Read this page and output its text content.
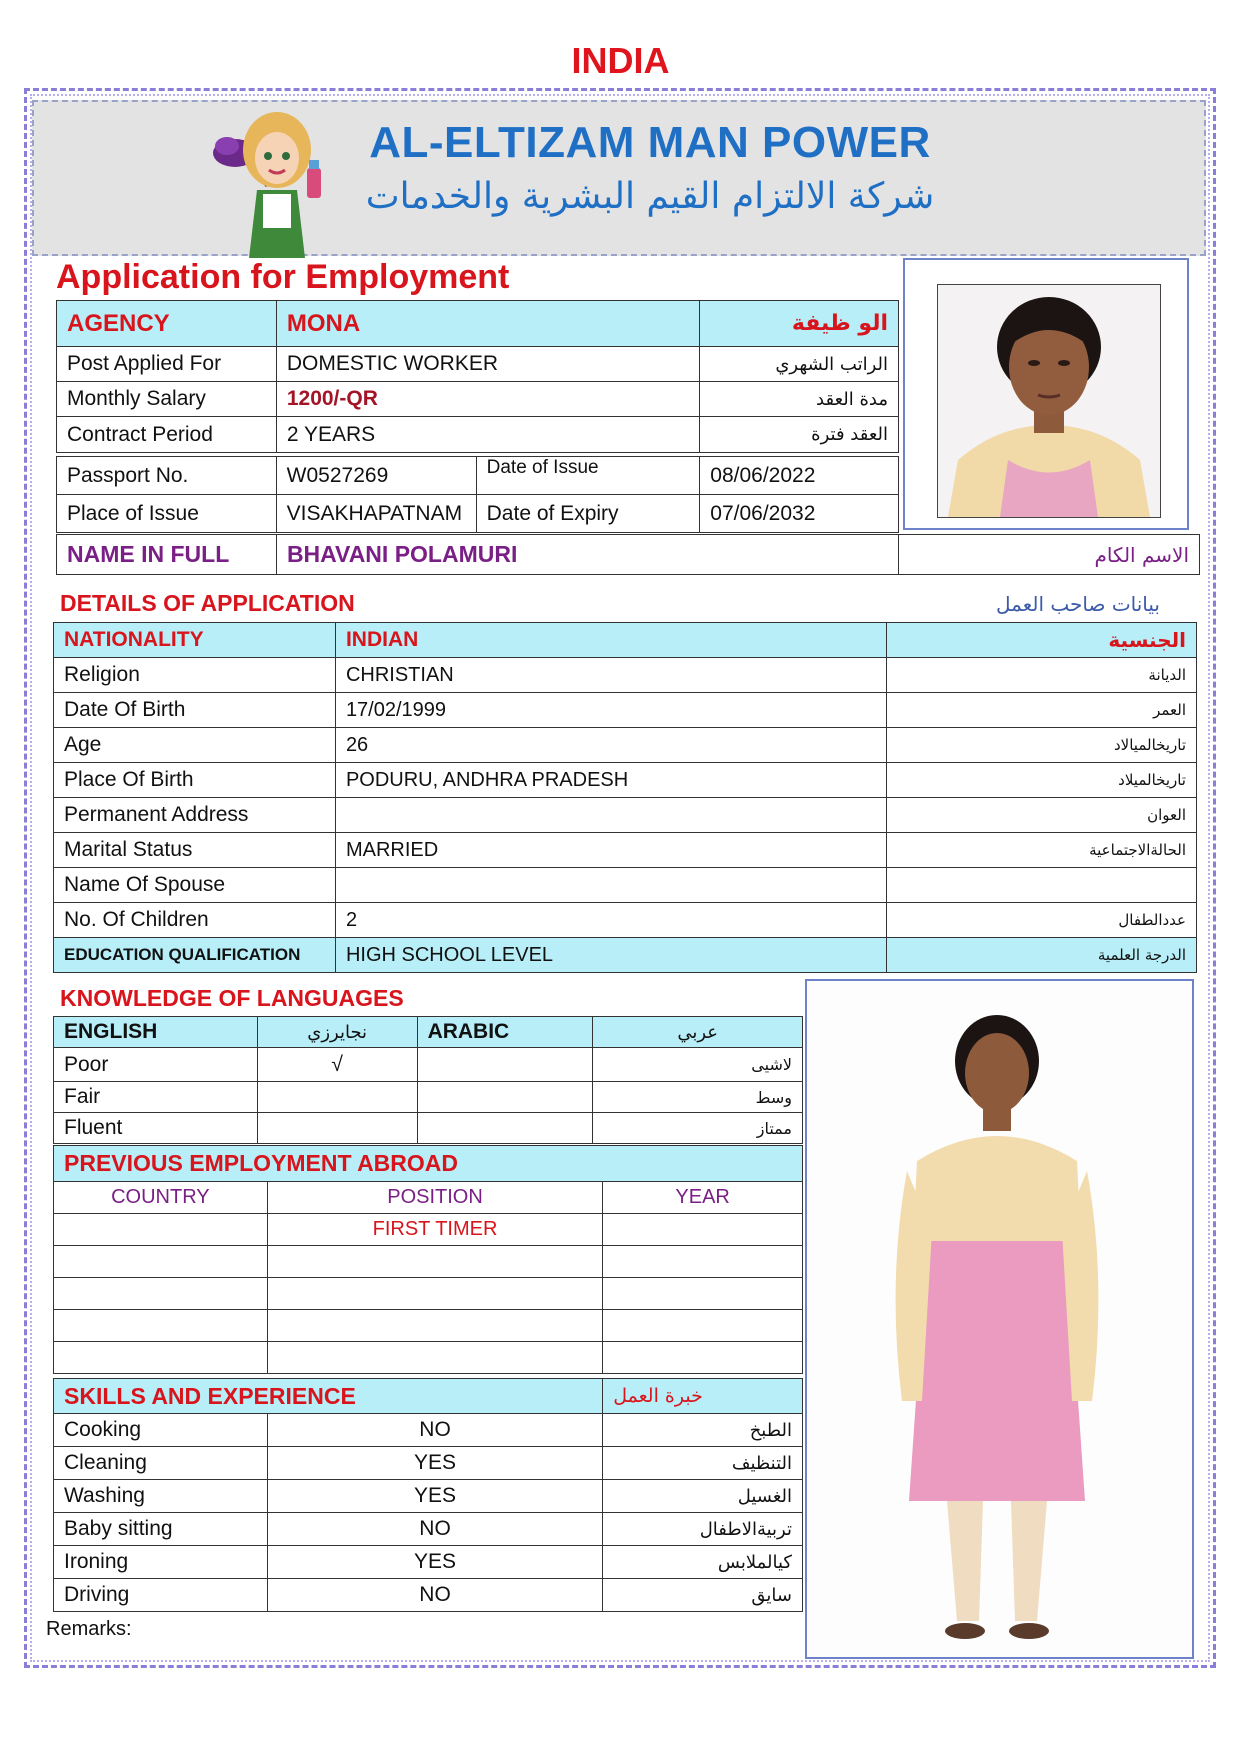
INDIA
AL-ELTIZAM MAN POWER
شركة الالتزام القيم البشرية والخدمات
Application for Employment
AGENCY	MONA	الو ظيفة
Post Applied For	DOMESTIC WORKER	الراتب الشهري
Monthly Salary	1200/-QR	مدة العقد
Contract Period	2 YEARS	العقد فترة
Passport No.	W0527269	Date of Issue	08/06/2022
Place of Issue	VISAKHAPATNAM	Date of Expiry	07/06/2032
NAME IN FULL	BHAVANI POLAMURI	الاسم الكام
DETAILS OF APPLICATION	بيانات صاحب العمل
NATIONALITY	INDIAN	الجنسية
Religion	CHRISTIAN	الديانة
Date Of Birth	17/02/1999	العمر
Age	26	تاريخالميالاد
Place Of Birth	PODURU, ANDHRA PRADESH	تاريخالميلاد
Permanent Address		العوان
Marital Status	MARRIED	الحالةالاجتماعية
Name Of Spouse		
No. Of Children	2	عددالطفال
EDUCATION QUALIFICATION	HIGH SCHOOL LEVEL	الدرجة العلمية
KNOWLEDGE OF LANGUAGES
ENGLISH	نجايرزي	ARABIC	عربي
Poor	√		لاشيى
Fair			وسط
Fluent			ممتاز
PREVIOUS EMPLOYMENT ABROAD		
COUNTRY	POSITION	YEAR
	FIRST TIMER	

SKILLS AND EXPERIENCE		خبرة العمل
Cooking	NO	الطبخ
Cleaning	YES	التنظيف
Washing	YES	الغسيل
Baby sitting	NO	تربيةالاطفال
Ironing	YES	كيالملابس
Driving	NO	سايق
Remarks:
